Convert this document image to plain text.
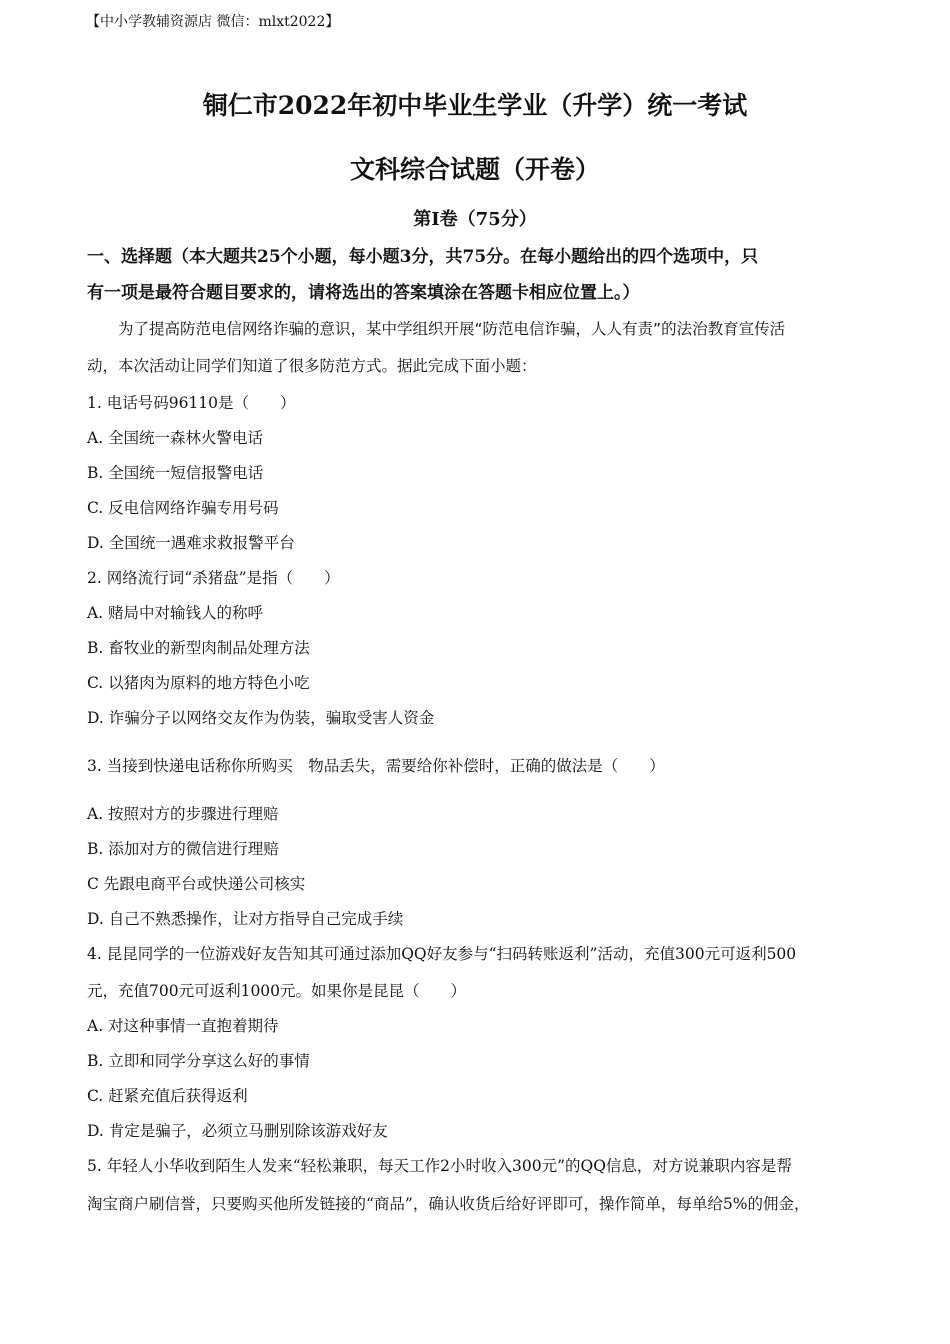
【中小学教辅资源店 微信：mlxt2022】
铜仁市2022年初中毕业生学业（升学）统一考试
文科综合试题（开卷）
第Ⅰ卷（75分）
一、选择题（本大题共25个小题，每小题3分，共75分。在每小题给出的四个选项中，只
有一项是最符合题目要求的，请将选出的答案填涂在答题卡相应位置上。）
　　为了提高防范电信网络诈骗的意识，某中学组织开展“防范电信诈骗，人人有责”的法治教育宣传活
动，本次活动让同学们知道了很多防范方式。据此完成下面小题：
1. 电话号码96110是（　　）
A. 全国统一森林火警电话
B. 全国统一短信报警电话
C. 反电信网络诈骗专用号码
D. 全国统一遇难求救报警平台
2. 网络流行词“杀猪盘”是指（　　）
A. 赌局中对输钱人的称呼
B. 畜牧业的新型肉制品处理方法
C. 以猪肉为原料的地方特色小吃
D. 诈骗分子以网络交友作为伪装，骗取受害人资金
3. 当接到快递电话称你所购买　物品丢失，需要给你补偿时，正确的做法是（　　）
A. 按照对方的步骤进行理赔
B. 添加对方的微信进行理赔
C 先跟电商平台或快递公司核实
D. 自己不熟悉操作，让对方指导自己完成手续
4. 昆昆同学的一位游戏好友告知其可通过添加QQ好友参与“扫码转账返利”活动，充值300元可返利500
元，充值700元可返利1000元。如果你是昆昆（　　）
A. 对这种事情一直抱着期待
B. 立即和同学分享这么好的事情
C. 赶紧充值后获得返利
D. 肯定是骗子，必须立马删别除该游戏好友
5. 年轻人小华收到陌生人发来“轻松兼职，每天工作2小时收入300元”的QQ信息，对方说兼职内容是帮
淘宝商户刷信誉，只要购买他所发链接的“商品”，确认收货后给好评即可，操作简单，每单给5%的佣金，
